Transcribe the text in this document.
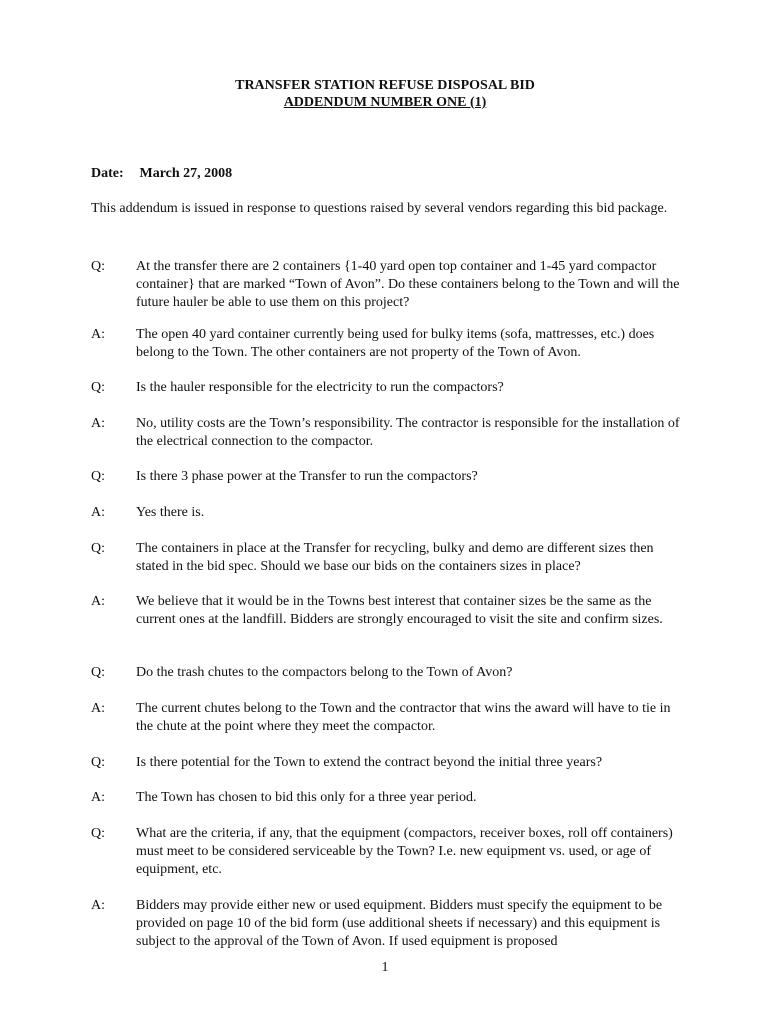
TRANSFER STATION REFUSE DISPOSAL BID
ADDENDUM NUMBER ONE (1)
Date: March 27, 2008
This addendum is issued in response to questions raised by several vendors regarding this bid package.
Q:	At the transfer there are 2 containers {1-40 yard open top container and 1-45 yard compactor container} that are marked “Town of Avon”. Do these containers belong to the Town and will the future hauler be able to use them on this project?
A:	The open 40 yard container currently being used for bulky items (sofa, mattresses, etc.) does belong to the Town. The other containers are not property of the Town of Avon.
Q:	Is the hauler responsible for the electricity to run the compactors?
A:	No, utility costs are the Town’s responsibility. The contractor is responsible for the installation of the electrical connection to the compactor.
Q:	Is there 3 phase power at the Transfer to run the compactors?
A:	Yes there is.
Q:	The containers in place at the Transfer for recycling, bulky and demo are different sizes then stated in the bid spec. Should we base our bids on the containers sizes in place?
A:	We believe that it would be in the Towns best interest that container sizes be the same as the current ones at the landfill. Bidders are strongly encouraged to visit the site and confirm sizes.
Q:	Do the trash chutes to the compactors belong to the Town of Avon?
A:	The current chutes belong to the Town and the contractor that wins the award will have to tie in the chute at the point where they meet the compactor.
Q:	Is there potential for the Town to extend the contract beyond the initial three years?
A:	The Town has chosen to bid this only for a three year period.
Q:	What are the criteria, if any, that the equipment (compactors, receiver boxes, roll off containers) must meet to be considered serviceable by the Town? I.e. new equipment vs. used, or age of equipment, etc.
A:	Bidders may provide either new or used equipment. Bidders must specify the equipment to be provided on page 10 of the bid form (use additional sheets if necessary) and this equipment is subject to the approval of the Town of Avon. If used equipment is proposed
1
